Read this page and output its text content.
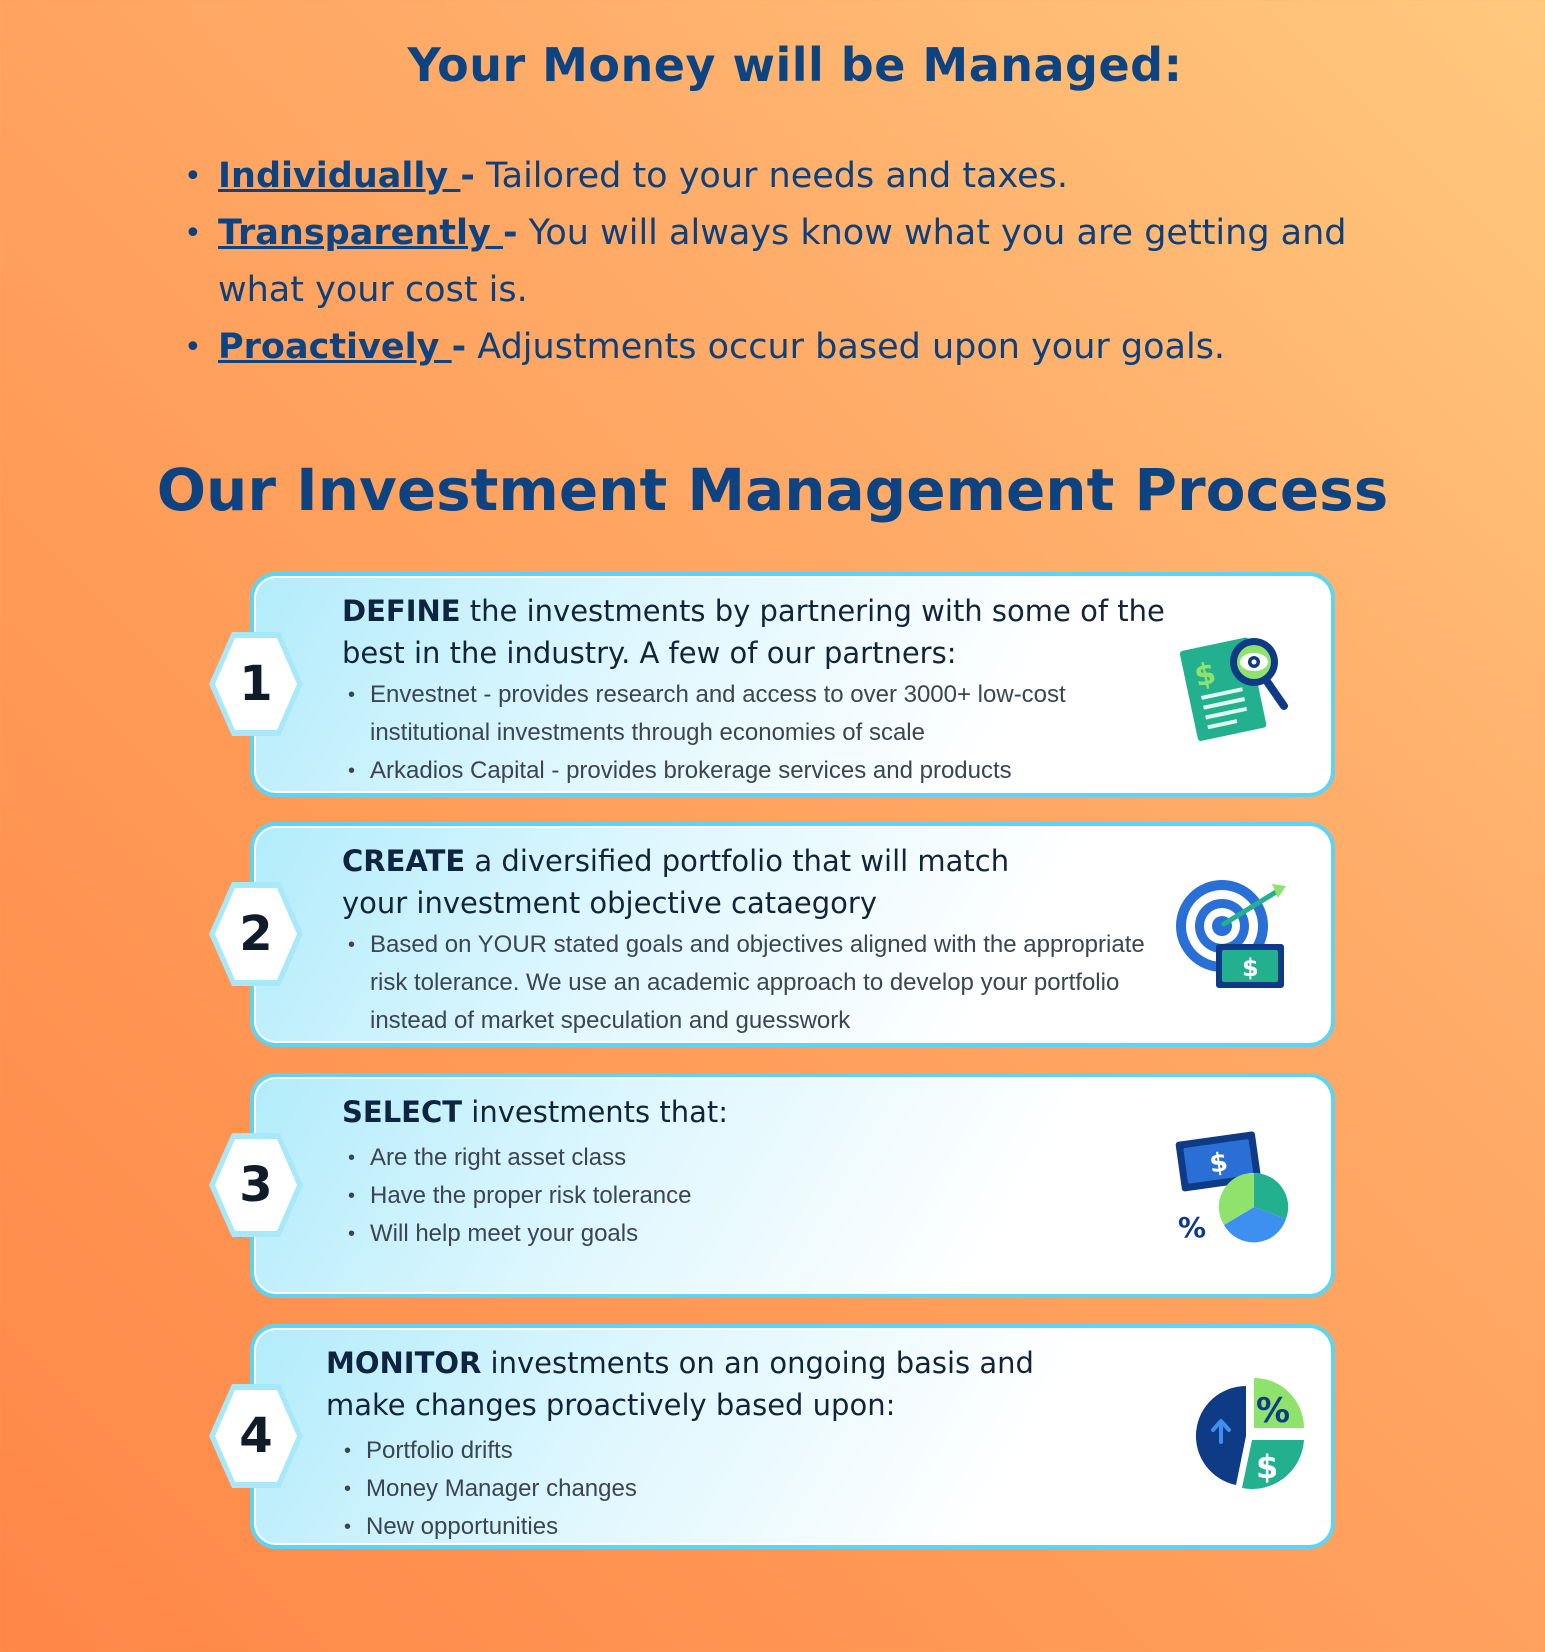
Your Money will be Managed:
• Individually - Tailored to your needs and taxes.
• Transparently - You will always know what you are getting and what your cost is.
• Proactively - Adjustments occur based upon your goals.
Our Investment Management Process
DEFINE the investments by partnering with some of the best in the industry. A few of our partners:
• Envestnet - provides research and access to over 3000+ low-cost institutional investments through economies of scale
• Arkadios Capital - provides brokerage services and products
$
1
CREATE a diversified portfolio that will match your investment objective cataegory
• Based on YOUR stated goals and objectives aligned with the appropriate risk tolerance. We use an academic approach to develop your portfolio instead of market speculation and guesswork
$
2
SELECT investments that:
• Are the right asset class
• Have the proper risk tolerance
• Will help meet your goals
$
%
3
MONITOR investments on an ongoing basis and make changes proactively based upon:
• Portfolio drifts
• Money Manager changes
• New opportunities
%
$
4
